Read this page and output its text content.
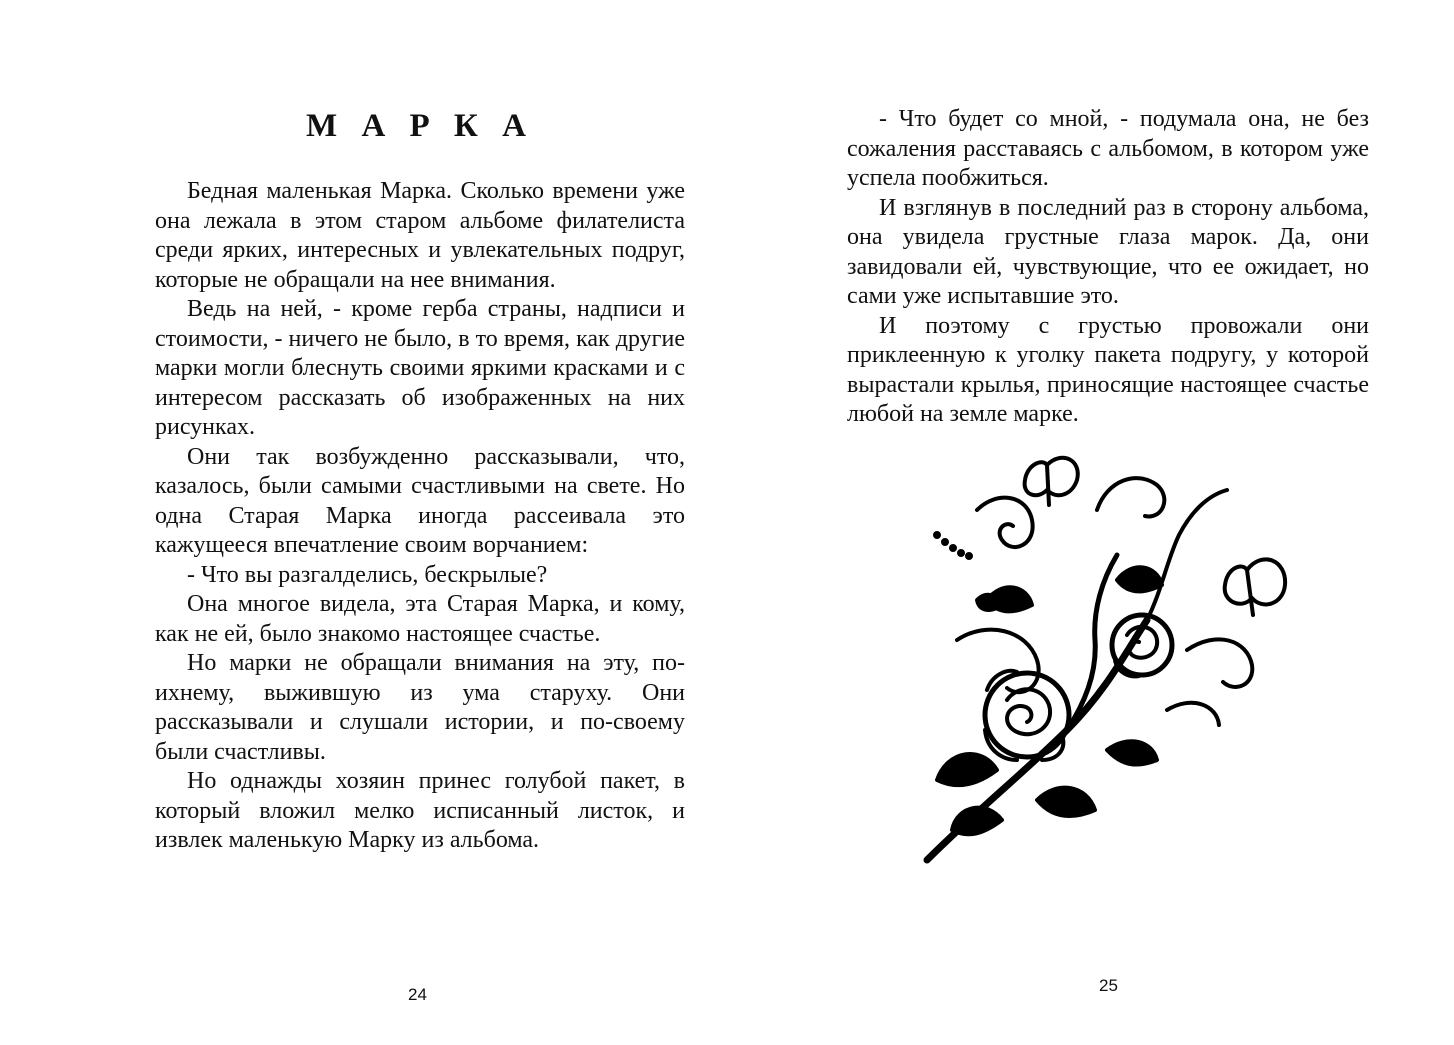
М А Р К А

Бедная маленькая Марка. Сколько времени уже она лежала в этом старом альбоме филателиста среди ярких, интересных и увлекательных подруг, которые не обращали на нее внимания.

Ведь на ней, - кроме герба страны, надписи и стоимости, - ничего не было, в то время, как другие марки могли блеснуть своими яркими красками и с интересом рассказать об изображенных на них рисунках.

Они так возбужденно рассказывали, что, казалось, были самыми счастливыми на свете. Но одна Старая Марка иногда рассеивала это кажущееся впечатление своим ворчанием:

- Что вы разгалделись, бескрылые?

Она многое видела, эта Старая Марка, и кому, как не ей, было знакомо настоящее счастье.

Но марки не обращали внимания на эту, по-ихнему, выжившую из ума старуху. Они рассказывали и слушали истории, и по-своему были счастливы.

Но однажды хозяин принес голубой пакет, в который вложил мелко исписанный листок, и извлек маленькую Марку из альбома.

24

- Что будет со мной, - подумала она, не без сожаления расставаясь с альбомом, в котором уже успела пообжиться.

И взглянув в последний раз в сторону альбома, она увидела грустные глаза марок. Да, они завидовали ей, чувствующие, что ее ожидает, но сами уже испытавшие это.

И поэтому с грустью провожали они приклеенную к уголку пакета подругу, у которой вырастали крылья, приносящие настоящее счастье любой на земле марке.

25
